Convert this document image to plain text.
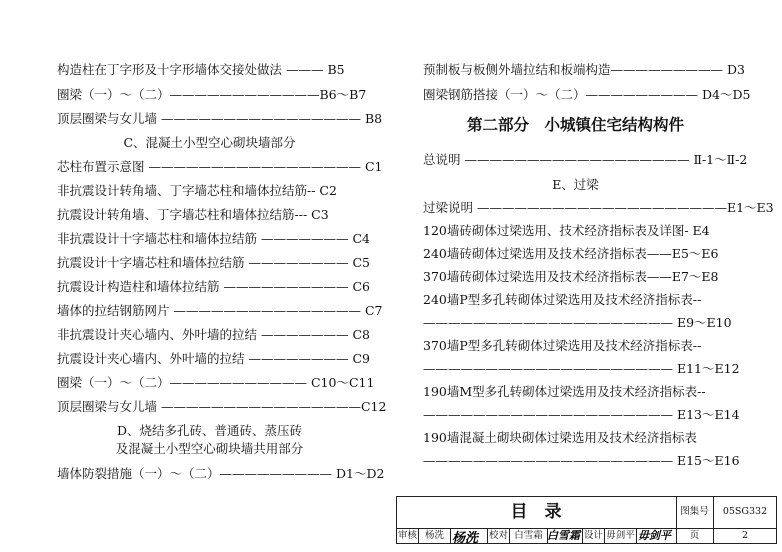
构造柱在丁字形及十字形墙体交接处做法 ——— B5
圈梁（一）～（二）————————————B6～B7
顶层圈梁与女儿墙 ———————————————— B8
C、混凝土小型空心砌块墙部分
芯柱布置示意图 ————————————————— C1
非抗震设计转角墙、丁字墙芯柱和墙体拉结筋-- C2
抗震设计转角墙、丁字墙芯柱和墙体拉结筋--- C3
非抗震设计十字墙芯柱和墙体拉结筋 ——————— C4
抗震设计十字墙芯柱和墙体拉结筋 ———————— C5
抗震设计构造柱和墙体拉结筋 —————————— C6
墙体的拉结钢筋网片 ——————————————— C7
非抗震设计夹心墙内、外叶墙的拉结 ——————— C8
抗震设计夹心墙内、外叶墙的拉结 ———————— C9
圈梁（一）～（二）——————————— C10～C11
顶层圈梁与女儿墙 ————————————————C12
D、烧结多孔砖、普通砖、蒸压砖
及混凝土小型空心砌块墙共用部分
墙体防裂措施（一）～（二）————————— D1～D2
预制板与板侧外墙拉结和板端构造————————— D3
圈梁钢筋搭接（一）～（二）————————— D4～D5
第二部分　小城镇住宅结构构件
总说明 —————————————————— Ⅱ-1～Ⅱ-2
E、过梁
过梁说明 ————————————————————E1～E3
120墙砖砌体过梁选用、技术经济指标表及详图- E4
240墙砖砌体过梁选用及技术经济指标表——E5～E6
370墙砖砌体过梁选用及技术经济指标表——E7～E8
240墙P型多孔转砌体过梁选用及技术经济指标表--
———————————————————— E9～E10
370墙P型多孔转砌体过梁选用及技术经济指标表--
———————————————————— E11～E12
190墙M型多孔转砌体过梁选用及技术经济指标表--
———————————————————— E13～E14
190墙混凝土砌块砌体过梁选用及技术经济指标表
———————————————————— E15～E16
目　录	图集号	05SG332
审核 杨洗 杨洗 校对 白雪霜 白雪霜 设计 毋剑平 毋剑平	页	2
